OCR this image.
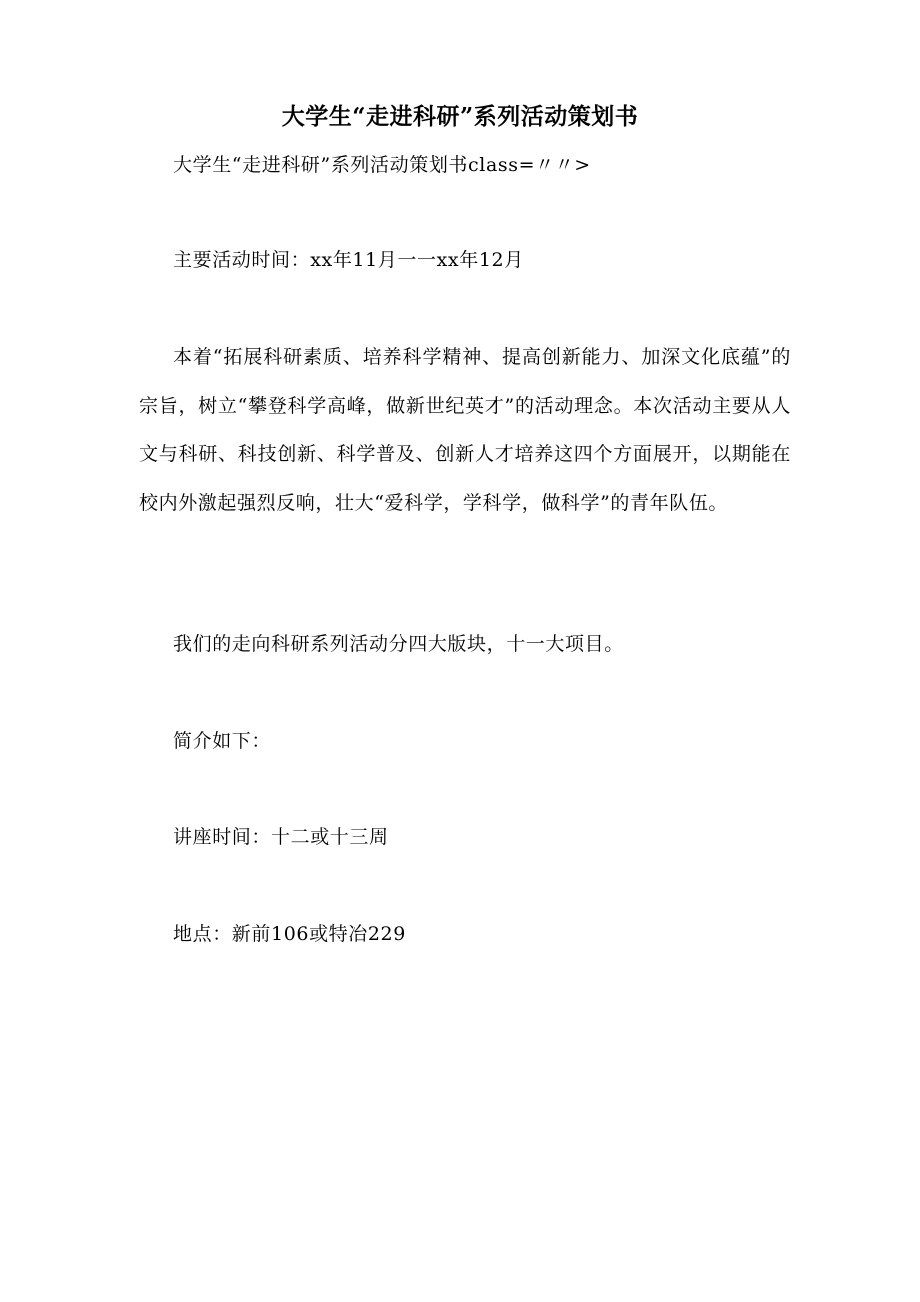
大学生“走进科研”系列活动策划书
大学生“走进科研”系列活动策划书class=〃〃>
主要活动时间：xx年11月一一xx年12月
本着“拓展科研素质、培养科学精神、提高创新能力、加深文化底蕴”的宗旨，树立“攀登科学高峰，做新世纪英才”的活动理念。本次活动主要从人文与科研、科技创新、科学普及、创新人才培养这四个方面展开，以期能在校内外激起强烈反响，壮大“爱科学，学科学，做科学”的青年队伍。
我们的走向科研系列活动分四大版块，十一大项目。
简介如下：
讲座时间：十二或十三周
地点：新前106或特冶229
